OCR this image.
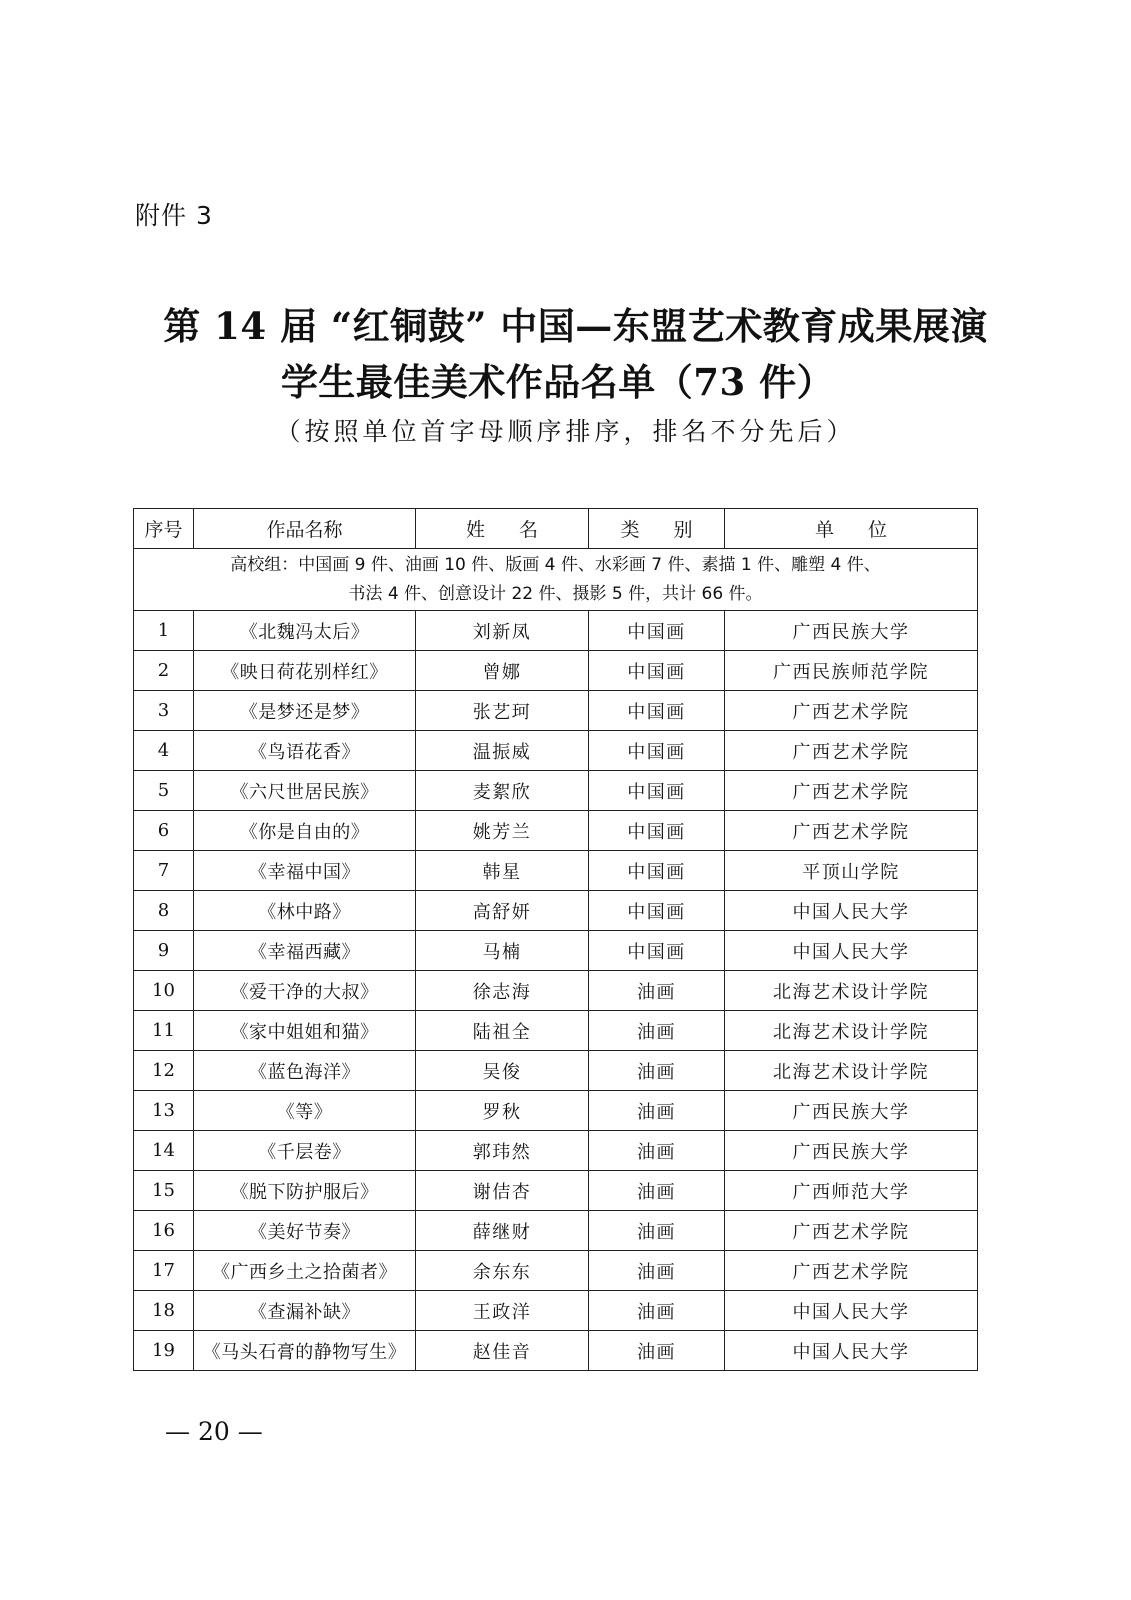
附件 3
第 14 届 “红铜鼓” 中国—东盟艺术教育成果展演
学生最佳美术作品名单（73 件）
（按照单位首字母顺序排序，排名不分先后）
序号	作品名称	姓 名	类 别	单 位

高校组：中国画 9 件、油画 10 件、版画 4 件、水彩画 7 件、素描 1 件、雕塑 4 件、
书法 4 件、创意设计 22 件、摄影 5 件，共计 66 件。				

1	《北魏冯太后》	刘新凤	中国画	广西民族大学
2	《映日荷花别样红》	曾娜	中国画	广西民族师范学院
3	《是梦还是梦》	张艺珂	中国画	广西艺术学院
4	《鸟语花香》	温振威	中国画	广西艺术学院
5	《六尺世居民族》	麦絮欣	中国画	广西艺术学院
6	《你是自由的》	姚芳兰	中国画	广西艺术学院
7	《幸福中国》	韩星	中国画	平顶山学院
8	《林中路》	高舒妍	中国画	中国人民大学
9	《幸福西藏》	马楠	中国画	中国人民大学
10	《爱干净的大叔》	徐志海	油画	北海艺术设计学院
11	《家中姐姐和猫》	陆祖全	油画	北海艺术设计学院
12	《蓝色海洋》	吴俊	油画	北海艺术设计学院
13	《等》	罗秋	油画	广西民族大学
14	《千层卷》	郭玮然	油画	广西民族大学
15	《脱下防护服后》	谢佶杏	油画	广西师范大学
16	《美好节奏》	薛继财	油画	广西艺术学院
17	《广西乡土之拾菌者》	余东东	油画	广西艺术学院
18	《查漏补缺》	王政洋	油画	中国人民大学
19	《马头石膏的静物写生》	赵佳音	油画	中国人民大学
— 20 —
